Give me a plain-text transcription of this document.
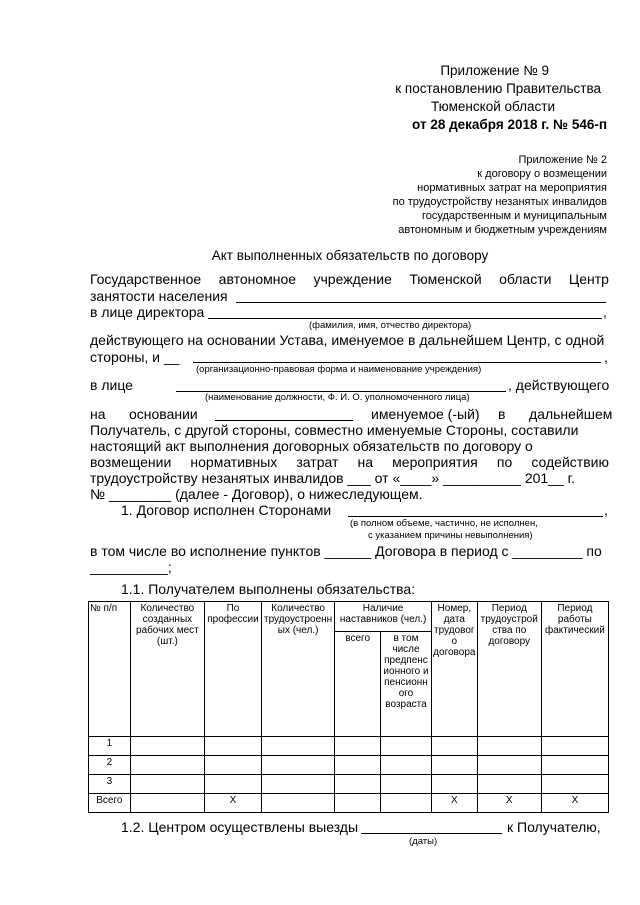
Приложение № 9
к постановлению Правительства
Тюменской области
от 28 декабря 2018 г. № 546-п
Приложение № 2
к договору о возмещении
нормативных затрат на мероприятия
по трудоустройству незанятых инвалидов
государственным и муниципальным
автономным и бюджетным учреждениям
Акт выполненных обязательств по договору
Государственное автономное учреждение Тюменской области Центр
занятости населения
в лице директора	,
(фамилия, имя, отчество директора)
действующего на основании Устава, именуемое в дальнейшем Центр, с одной
стороны, и __	,
(организационно-правовая форма и наименование учреждения)
в лице	, действующего
(наименование должности, Ф. И. О. уполномоченного лица)
на основании	именуемое (-ый) в дальнейшем
Получатель, с другой стороны, совместно именуемые Стороны, составили
настоящий акт выполнения договорных обязательств по договору о
возмещении нормативных затрат на мероприятия по содействию
трудоустройству незанятых инвалидов ___ от «____» __________ 201__ г.
№ ________ (далее - Договор), о нижеследующем.
1. Договор исполнен Сторонами	,
(в полном объеме, частично, не исполнен,
с указанием причины невыполнения)
в том числе во исполнение пунктов ______ Договора в период с _________ по
__________;
1.1. Получателем выполнены обязательства:
№ п/п	Количество созданных рабочих мест (шт.)	По профессии	Количество трудоустроенных (чел.)	Наличие наставников (чел.)		Номер, дата трудового договора	Период трудоустройства по договору	Период работы фактический
				всего	в том числе предпенсионного и пенсионного возраста			
1								
2								
3								
Всего		X				X	X	X
1.2. Центром осуществлены выезды	к Получателю,
(даты)
